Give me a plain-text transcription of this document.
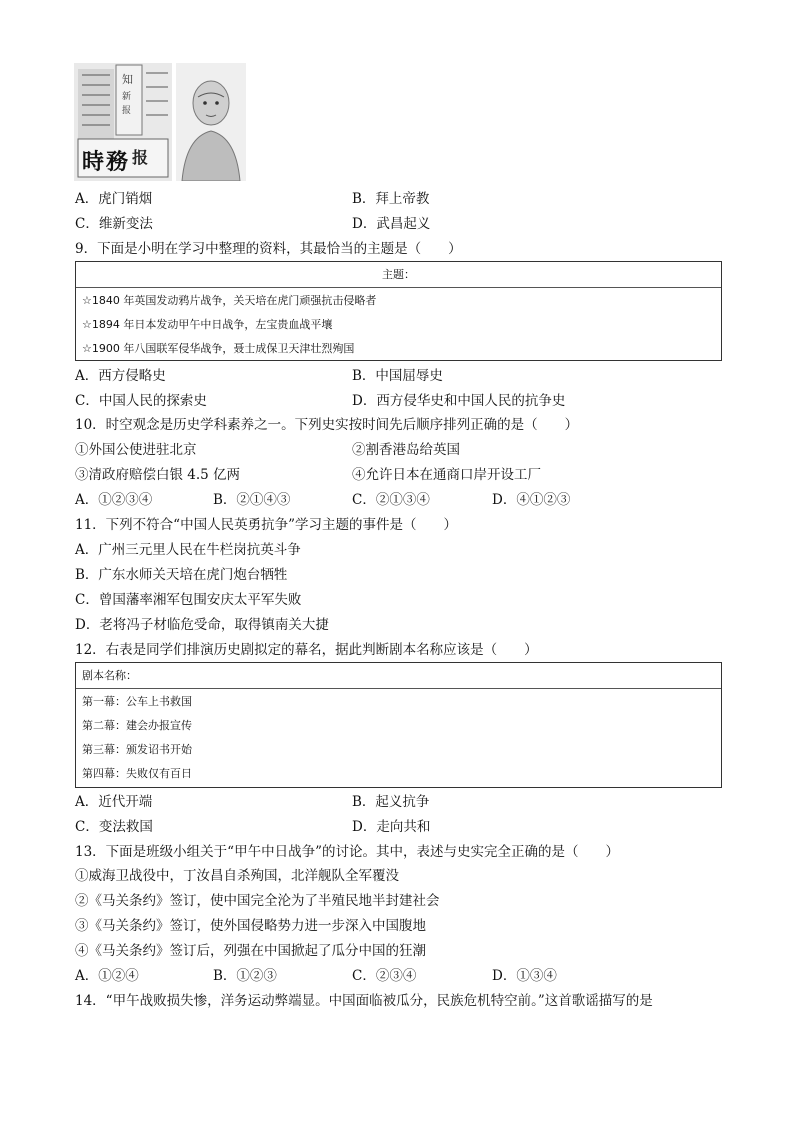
知
新
报
時 務 报
A．虎门销烟	B．拜上帝教
C．维新变法	D．武昌起义
9．下面是小明在学习中整理的资料，其最恰当的主题是（　　）
主题：
☆1840 年英国发动鸦片战争，关天培在虎门顽强抗击侵略者
☆1894 年日本发动甲午中日战争，左宝贵血战平壤
☆1900 年八国联军侵华战争，聂士成保卫天津壮烈殉国
A．西方侵略史	B．中国屈辱史
C．中国人民的探索史	D．西方侵华史和中国人民的抗争史
10．时空观念是历史学科素养之一。下列史实按时间先后顺序排列正确的是（　　）
①外国公使进驻北京	②割香港岛给英国
③清政府赔偿白银 4.5 亿两	④允许日本在通商口岸开设工厂
A．①②③④	B．②①④③	C．②①③④	D．④①②③
11．下列不符合“中国人民英勇抗争”学习主题的事件是（　　）
A．广州三元里人民在牛栏岗抗英斗争
B．广东水师关天培在虎门炮台牺牲
C．曾国藩率湘军包围安庆太平军失败
D．老将冯子材临危受命，取得镇南关大捷
12．右表是同学们排演历史剧拟定的幕名，据此判断剧本名称应该是（　　）
剧本名称：
第一幕：公车上书救国
第二幕：建会办报宣传
第三幕：颁发诏书开始
第四幕：失败仅有百日
A．近代开端	B．起义抗争
C．变法救国	D．走向共和
13．下面是班级小组关于“甲午中日战争”的讨论。其中，表述与史实完全正确的是（　　）
①威海卫战役中，丁汝昌自杀殉国，北洋舰队全军覆没
②《马关条约》签订，使中国完全沦为了半殖民地半封建社会
③《马关条约》签订，使外国侵略势力进一步深入中国腹地
④《马关条约》签订后，列强在中国掀起了瓜分中国的狂潮
A．①②④	B．①②③	C．②③④	D．①③④
14．“甲午战败损失惨，洋务运动弊端显。中国面临被瓜分，民族危机特空前。”这首歌谣描写的是
